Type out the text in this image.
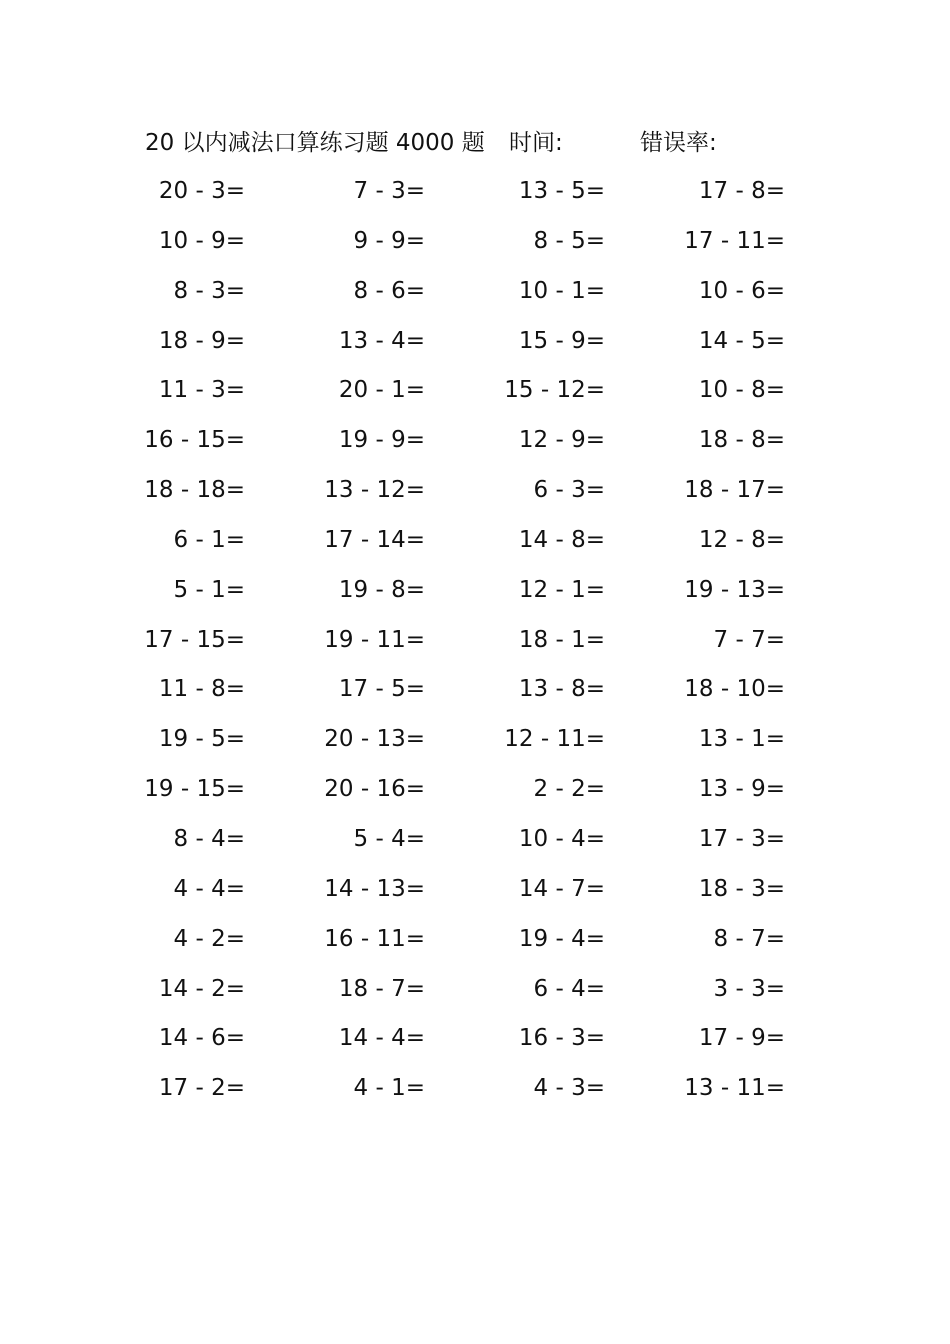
20 以内减法口算练习题 4000 题 时间:	错误率:
20 - 3=
10 - 9=
8 - 3=
18 - 9=
11 - 3=
16 - 15=
18 - 18=
6 - 1=
5 - 1=
17 - 15=
11 - 8=
19 - 5=
19 - 15=
8 - 4=
4 - 4=
4 - 2=
14 - 2=
14 - 6=
17 - 2=
7 - 3=
9 - 9=
8 - 6=
13 - 4=
20 - 1=
19 - 9=
13 - 12=
17 - 14=
19 - 8=
19 - 11=
17 - 5=
20 - 13=
20 - 16=
5 - 4=
14 - 13=
16 - 11=
18 - 7=
14 - 4=
4 - 1=
13 - 5=
8 - 5=
10 - 1=
15 - 9=
15 - 12=
12 - 9=
6 - 3=
14 - 8=
12 - 1=
18 - 1=
13 - 8=
12 - 11=
2 - 2=
10 - 4=
14 - 7=
19 - 4=
6 - 4=
16 - 3=
4 - 3=
17 - 8=
17 - 11=
10 - 6=
14 - 5=
10 - 8=
18 - 8=
18 - 17=
12 - 8=
19 - 13=
7 - 7=
18 - 10=
13 - 1=
13 - 9=
17 - 3=
18 - 3=
8 - 7=
3 - 3=
17 - 9=
13 - 11=
